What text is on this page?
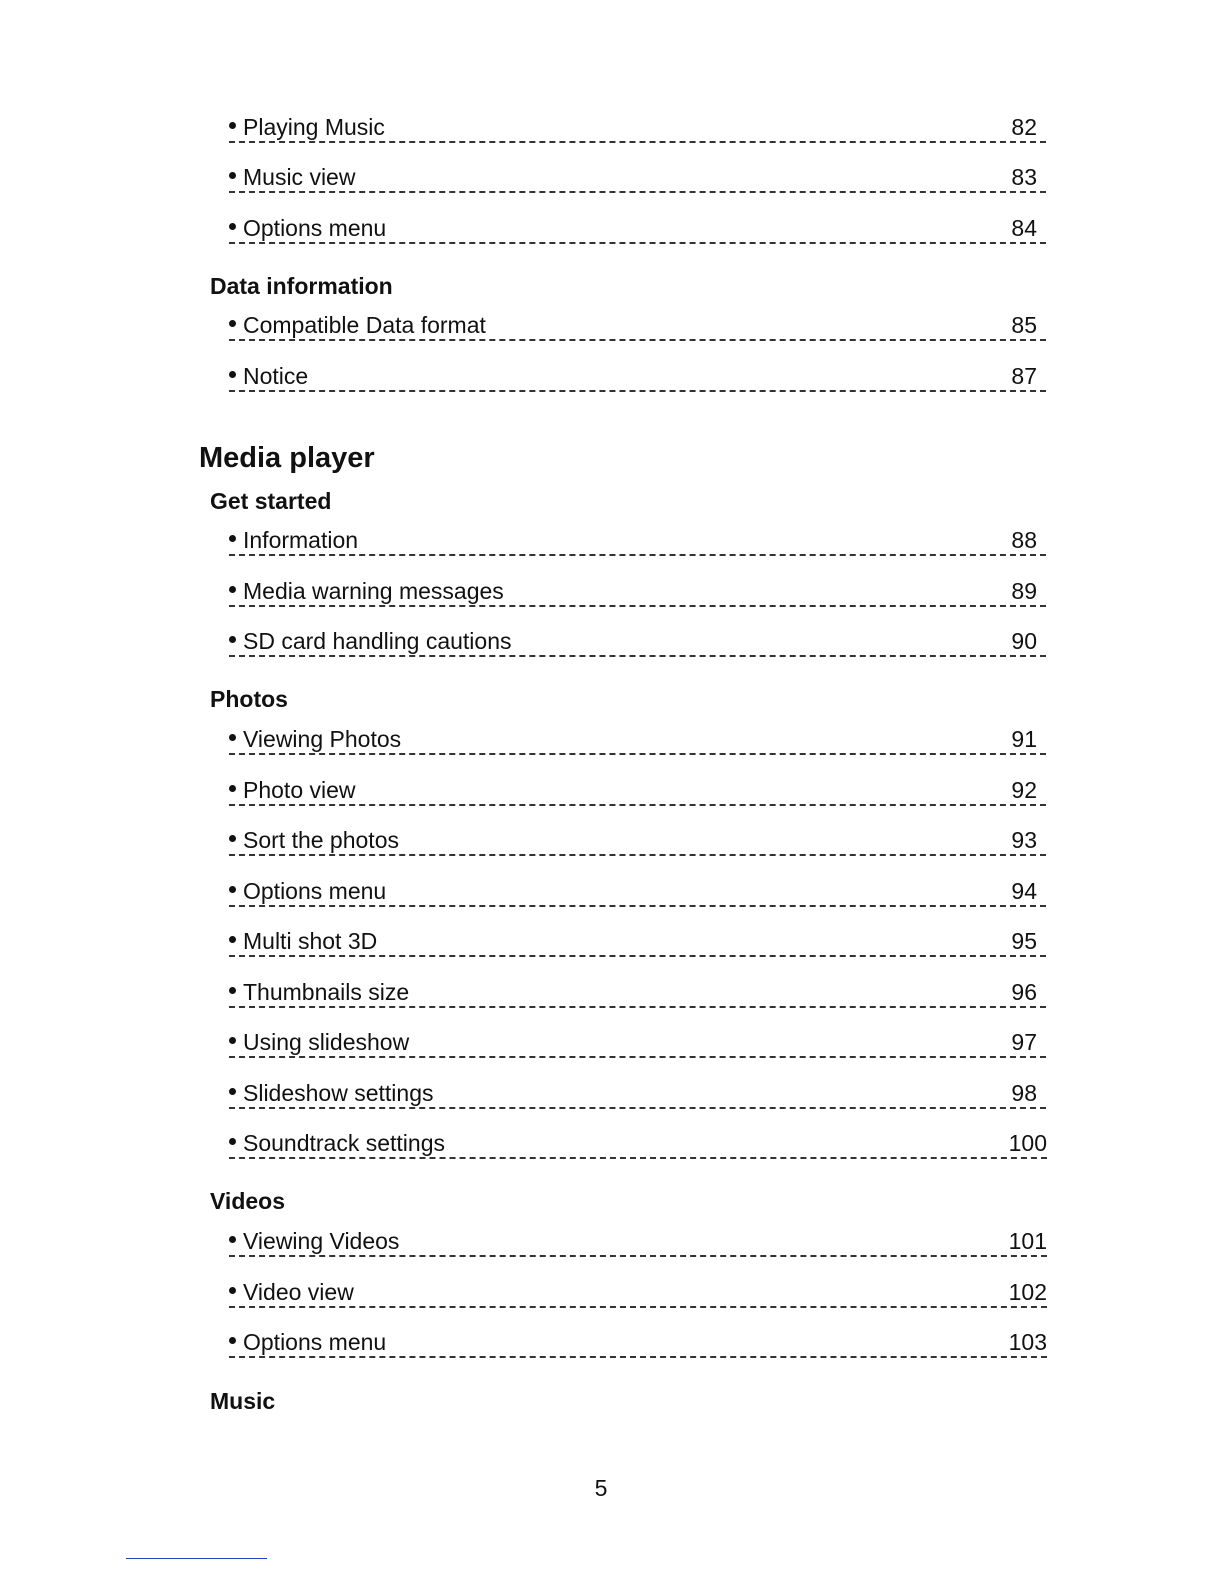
Playing Music	82
Music view	83
Options menu	84
Data information
Compatible Data format	85
Notice	87
Media player
Get started
Information	88
Media warning messages	89
SD card handling cautions	90
Photos
Viewing Photos	91
Photo view	92
Sort the photos	93
Options menu	94
Multi shot 3D	95
Thumbnails size	96
Using slideshow	97
Slideshow settings	98
Soundtrack settings	100
Videos
Viewing Videos	101
Video view	102
Options menu	103
Music
5
